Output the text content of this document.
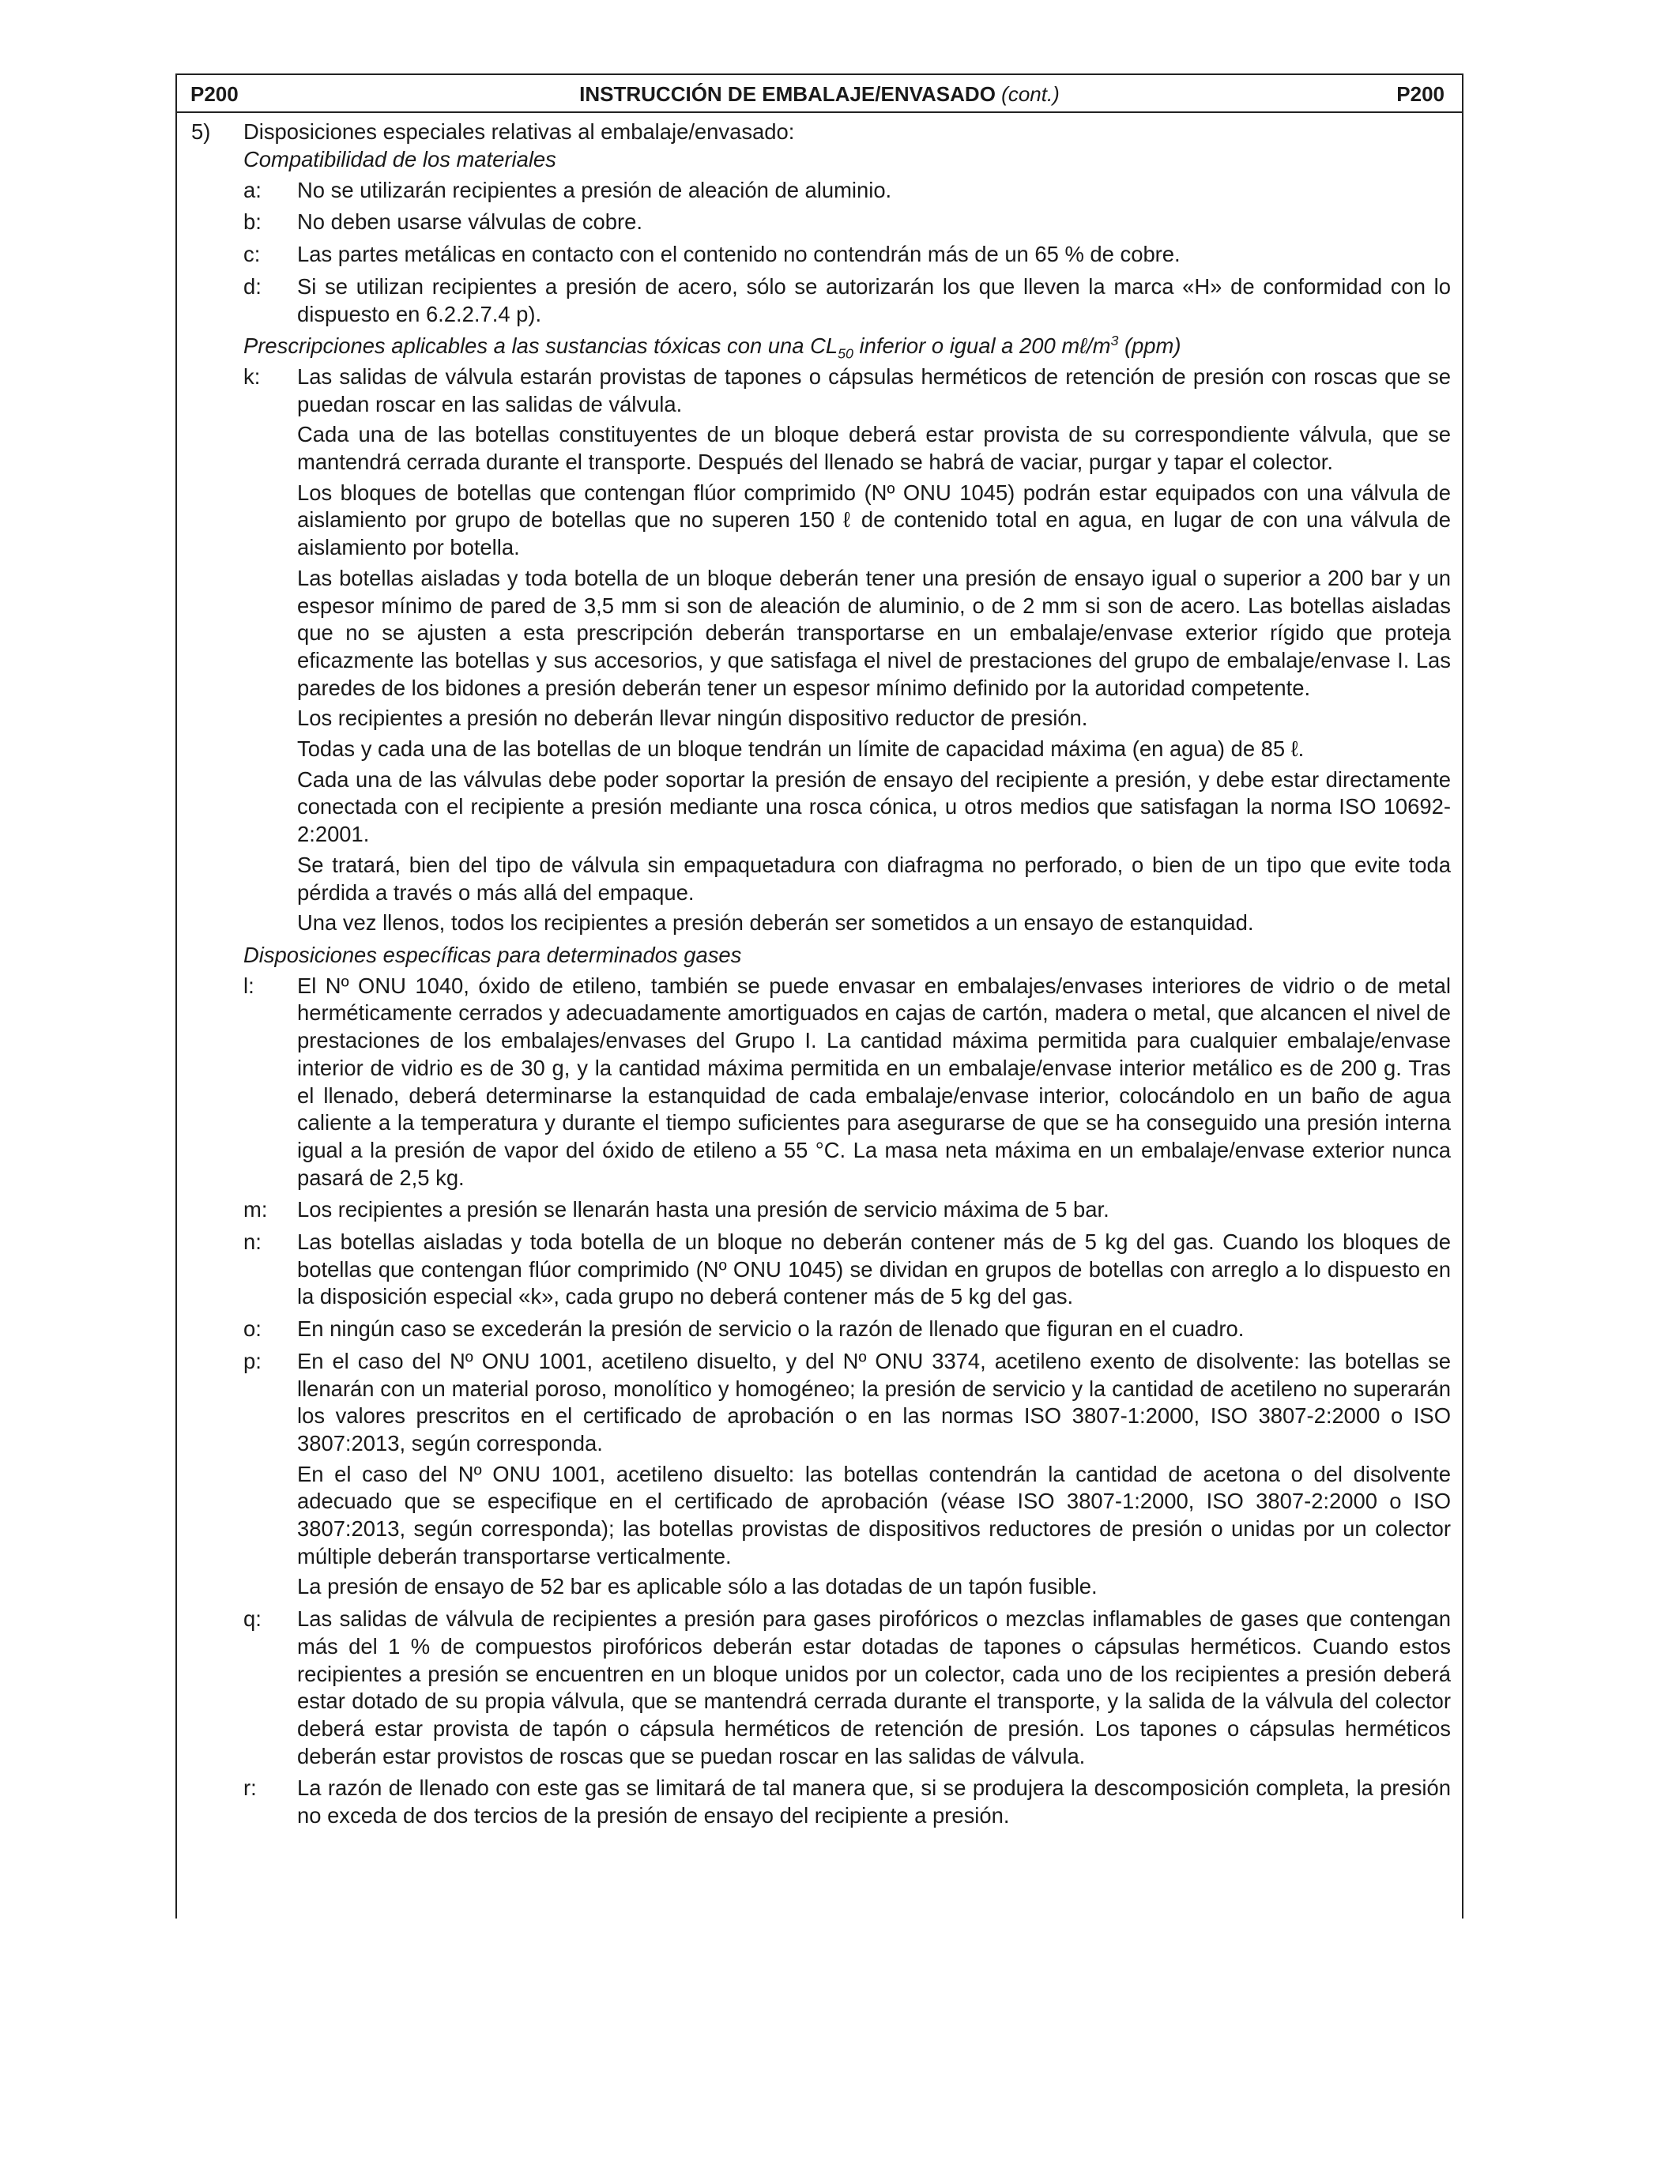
P200	INSTRUCCIÓN DE EMBALAJE/ENVASADO (cont.)	P200
5) Disposiciones especiales relativas al embalaje/envasado:
Compatibilidad de los materiales
a: No se utilizarán recipientes a presión de aleación de aluminio.

b: No deben usarse válvulas de cobre.

c: Las partes metálicas en contacto con el contenido no contendrán más de un 65 % de cobre.

d: Si se utilizan recipientes a presión de acero, sólo se autorizarán los que lleven la marca «H» de conformidad con lo dispuesto en 6.2.2.7.4 p).

Prescripciones aplicables a las sustancias tóxicas con una $CL_{50}$ inferior o igual a 200 $m\ell/m^3$ (ppm)
k: Las salidas de válvula estarán provistas de tapones o cápsulas herméticos de retención de presión con roscas que se puedan roscar en las salidas de válvula.

Cada una de las botellas constituyentes de un bloque deberá estar provista de su correspondiente válvula, que se mantendrá cerrada durante el transporte. Después del llenado se habrá de vaciar, purgar y tapar el colector.

Los bloques de botellas que contengan flúor comprimido (Nº ONU 1045) podrán estar equipados con una válvula de aislamiento por grupo de botellas que no superen 150 ℓ de contenido total en agua, en lugar de con una válvula de aislamiento por botella.

Las botellas aisladas y toda botella de un bloque deberán tener una presión de ensayo igual o superior a 200 bar y un espesor mínimo de pared de 3,5 mm si son de aleación de aluminio, o de 2 mm si son de acero. Las botellas aisladas que no se ajusten a esta prescripción deberán transportarse en un embalaje/envase exterior rígido que proteja eficazmente las botellas y sus accesorios, y que satisfaga el nivel de prestaciones del grupo de embalaje/envase I. Las paredes de los bidones a presión deberán tener un espesor mínimo definido por la autoridad competente.

Los recipientes a presión no deberán llevar ningún dispositivo reductor de presión.

Todas y cada una de las botellas de un bloque tendrán un límite de capacidad máxima (en agua) de 85 ℓ.

Cada una de las válvulas debe poder soportar la presión de ensayo del recipiente a presión, y debe estar directamente conectada con el recipiente a presión mediante una rosca cónica, u otros medios que satisfagan la norma ISO 10692-2:2001.

Se tratará, bien del tipo de válvula sin empaquetadura con diafragma no perforado, o bien de un tipo que evite toda pérdida a través o más allá del empaque.

Una vez llenos, todos los recipientes a presión deberán ser sometidos a un ensayo de estanquidad.

Disposiciones específicas para determinados gases
l: El Nº ONU 1040, óxido de etileno, también se puede envasar en embalajes/envases interiores de vidrio o de metal herméticamente cerrados y adecuadamente amortiguados en cajas de cartón, madera o metal, que alcancen el nivel de prestaciones de los embalajes/envases del Grupo I. La cantidad máxima permitida para cualquier embalaje/envase interior de vidrio es de 30 g, y la cantidad máxima permitida en un embalaje/envase interior metálico es de 200 g. Tras el llenado, deberá determinarse la estanquidad de cada embalaje/envase interior, colocándolo en un baño de agua caliente a la temperatura y durante el tiempo suficientes para asegurarse de que se ha conseguido una presión interna igual a la presión de vapor del óxido de etileno a 55 °C. La masa neta máxima en un embalaje/envase exterior nunca pasará de 2,5 kg.

m: Los recipientes a presión se llenarán hasta una presión de servicio máxima de 5 bar.

n: Las botellas aisladas y toda botella de un bloque no deberán contener más de 5 kg del gas. Cuando los bloques de botellas que contengan flúor comprimido (Nº ONU 1045) se dividan en grupos de botellas con arreglo a lo dispuesto en la disposición especial «k», cada grupo no deberá contener más de 5 kg del gas.

o: En ningún caso se excederán la presión de servicio o la razón de llenado que figuran en el cuadro.

p: En el caso del Nº ONU 1001, acetileno disuelto, y del Nº ONU 3374, acetileno exento de disolvente: las botellas se llenarán con un material poroso, monolítico y homogéneo; la presión de servicio y la cantidad de acetileno no superarán los valores prescritos en el certificado de aprobación o en las normas ISO 3807-1:2000, ISO 3807-2:2000 o ISO 3807:2013, según corresponda.

En el caso del Nº ONU 1001, acetileno disuelto: las botellas contendrán la cantidad de acetona o del disolvente adecuado que se especifique en el certificado de aprobación (véase ISO 3807-1:2000, ISO 3807-2:2000 o ISO 3807:2013, según corresponda); las botellas provistas de dispositivos reductores de presión o unidas por un colector múltiple deberán transportarse verticalmente.

La presión de ensayo de 52 bar es aplicable sólo a las dotadas de un tapón fusible.

q: Las salidas de válvula de recipientes a presión para gases pirofóricos o mezclas inflamables de gases que contengan más del 1 % de compuestos pirofóricos deberán estar dotadas de tapones o cápsulas herméticos. Cuando estos recipientes a presión se encuentren en un bloque unidos por un colector, cada uno de los recipientes a presión deberá estar dotado de su propia válvula, que se mantendrá cerrada durante el transporte, y la salida de la válvula del colector deberá estar provista de tapón o cápsula herméticos de retención de presión. Los tapones o cápsulas herméticos deberán estar provistos de roscas que se puedan roscar en las salidas de válvula.

r: La razón de llenado con este gas se limitará de tal manera que, si se produjera la descomposición completa, la presión no exceda de dos tercios de la presión de ensayo del recipiente a presión.
